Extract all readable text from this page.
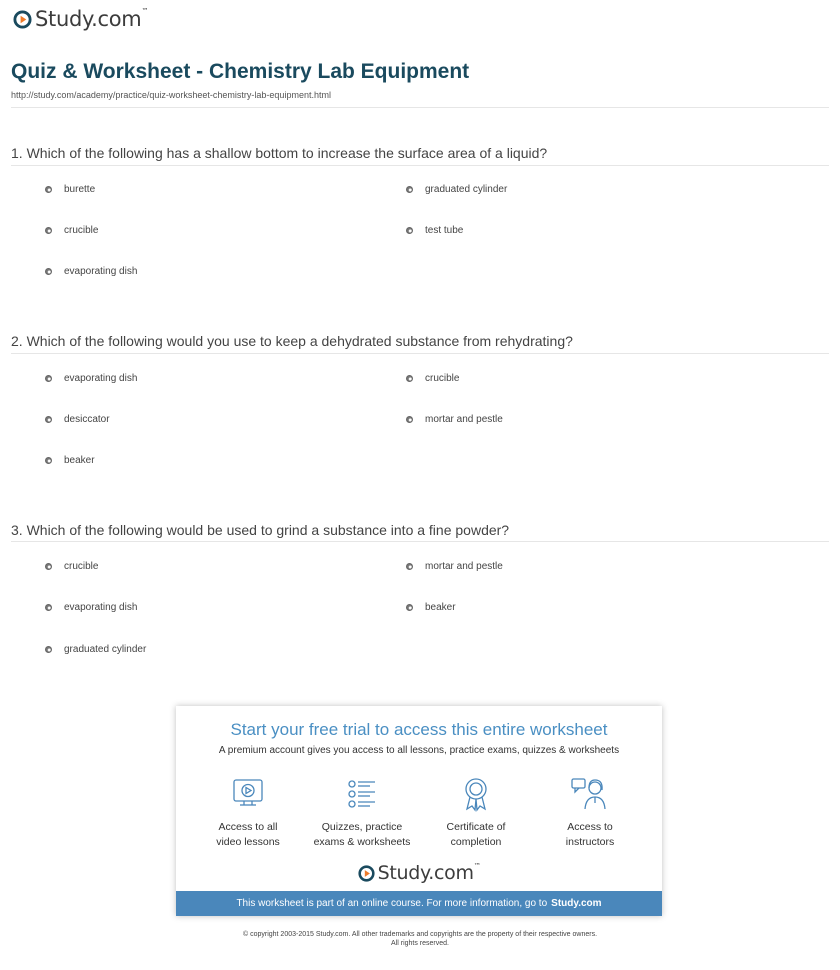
Study.com™
Quiz & Worksheet - Chemistry Lab Equipment
http://study.com/academy/practice/quiz-worksheet-chemistry-lab-equipment.html
1. Which of the following has a shallow bottom to increase the surface area of a liquid?
burette	graduated cylinder
crucible	test tube
evaporating dish
2. Which of the following would you use to keep a dehydrated substance from rehydrating?
evaporating dish	crucible
desiccator	mortar and pestle
beaker
3. Which of the following would be used to grind a substance into a fine powder?
crucible	mortar and pestle
evaporating dish	beaker
graduated cylinder
Start your free trial to access this entire worksheet
A premium account gives you access to all lessons, practice exams, quizzes & worksheets
Access to all
video lessons
Quizzes, practice
exams & worksheets
Certificate of
completion
Access to
instructors
Study.com™
This worksheet is part of an online course. For more information, go to Study.com
© copyright 2003-2015 Study.com. All other trademarks and copyrights are the property of their respective owners.
All rights reserved.
